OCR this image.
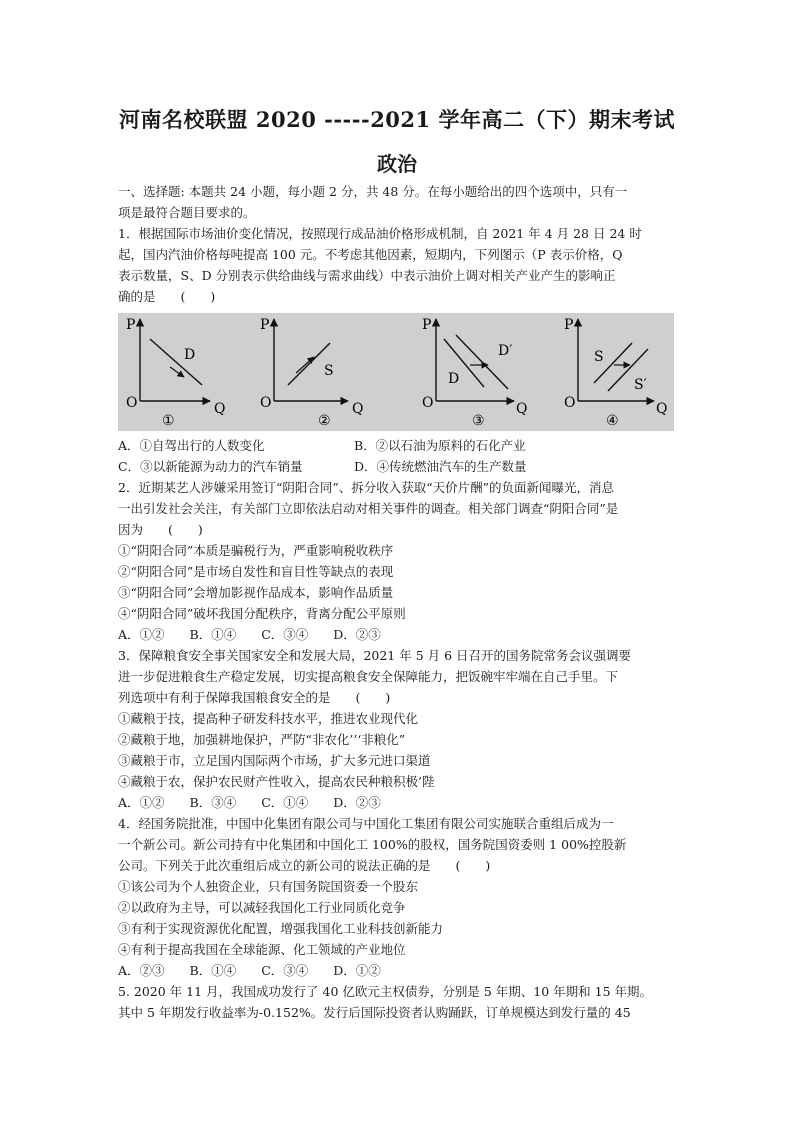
河南名校联盟 2020 -----2021 学年高二（下）期末考试
政治

一、选择题: 本题共 24 小题，每小题 2 分，共 48 分。在每小题给出的四个选项中，只有一

项是最符合题目要求的。

1．根据国际市场油价变化情况，按照现行成品油价格形成机制，自 2021 年 4 月 28 日 24 时

起，国内汽油价格每吨提高 100 元。不考虑其他因素，短期内，下列图示（P 表示价格，Q

表示数量，S、D 分别表示供给曲线与需求曲线）中表示油价上调对相关产业产生的影响正

确的是　　(　　)

P
Q
O
D
①
P
Q
O
S
②
P
Q
O
D
D′
③
P
Q
O
S
S′
④
A．①自驾出行的人数变化	B．②以石油为原料的石化产业
C．③以新能源为动力的汽车销量	D．④传统燃油汽车的生产数量

2．近期某艺人涉嫌采用签订“阴阳合同”、拆分收入获取“天价片酬”的负面新闻曝光，消息

一出引发社会关注，有关部门立即依法启动对相关事件的调查。相关部门调查“阴阳合同”是

因为　　(　　)

①“阴阳合同”本质是骗税行为，严重影响税收秩序

②“阴阳合同”是市场自发性和盲目性等缺点的表现

③“阴阳合同”会增加影视作品成本，影响作品质量

④“阴阳合同”破坏我国分配秩序，背离分配公平原则

A．①②　　B．①④　　C．③④　　D．②③

3．保障粮食安全事关国家安全和发展大局，2021 年 5 月 6 日召开的国务院常务会议强调要

进一步促进粮食生产稳定发展，切实提高粮食安全保障能力，把饭碗牢牢端在自己手里。下

列选项中有利于保障我国粮食安全的是　　(　　)

①藏粮于技，提高种子研发科技水平，推进农业现代化

②藏粮于地，加强耕地保护，严防“非农化’’‘非粮化”

③藏粮于市，立足国内国际两个市场，扩大多元进口渠道

④藏粮于农，保护农民财产性收入，提高农民种粮积极’陛

A．①②　　B．③④　　C．①④　　D．②③

4．经国务院批准，中国中化集团有限公司与中国化工集团有限公司实施联合重组后成为一

一个新公司。新公司持有中化集团和中国化工 100%的股权，国务院国资委则 1 00%控股新

公司。下列关于此次重组后成立的新公司的说法正确的是　　(　　)

①该公司为个人独资企业，只有国务院国资委一个股东

②以政府为主导，可以减轻我国化工行业同质化竞争

③有利于实现资源优化配置，增强我国化工业科技创新能力

④有利于提高我国在全球能源、化工领域的产业地位

A．②③　　B．①④　　C．③④　　D．①②

5. 2020 年 11 月，我国成功发行了 40 亿欧元主权债券，分别是 5 年期、10 年期和 15 年期。

其中 5 年期发行收益率为-0.152%。发行后国际投资者认购踊跃，订单规模达到发行量的 45
